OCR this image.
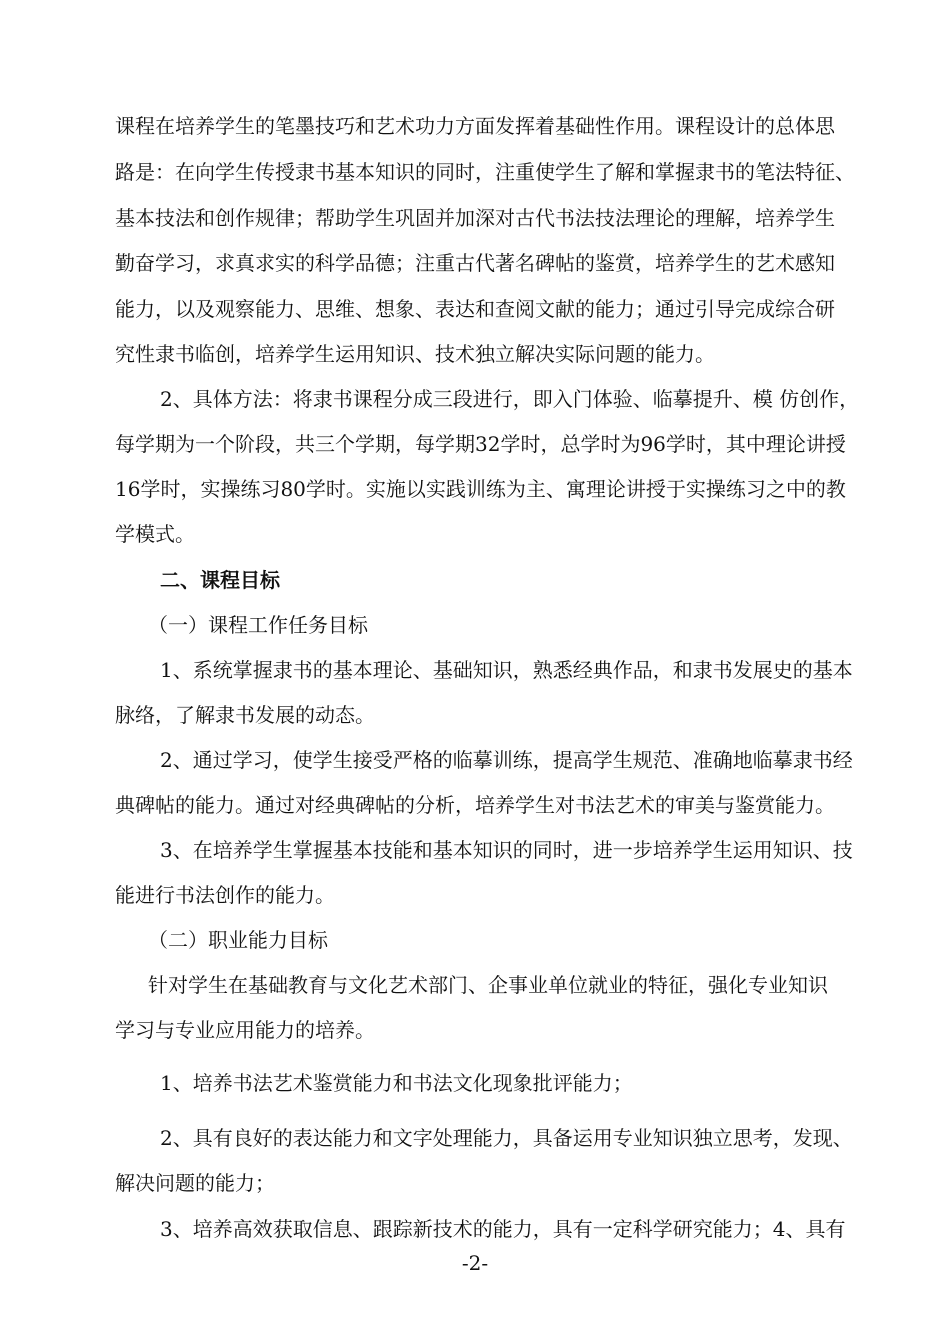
课程在培养学生的笔墨技巧和艺术功力方面发挥着基础性作用。课程设计的总体思
路是：在向学生传授隶书基本知识的同时，注重使学生了解和掌握隶书的笔法特征、
基本技法和创作规律；帮助学生巩固并加深对古代书法技法理论的理解，培养学生
勤奋学习，求真求实的科学品德；注重古代著名碑帖的鉴赏，培养学生的艺术感知
能力，以及观察能力、思维、想象、表达和查阅文献的能力；通过引导完成综合研
究性隶书临创，培养学生运用知识、技术独立解决实际问题的能力。
2、具体方法：将隶书课程分成三段进行，即入门体验、临摹提升、模 仿创作，
每学期为一个阶段，共三个学期，每学期32学时，总学时为96学时，其中理论讲授
16学时，实操练习80学时。实施以实践训练为主、寓理论讲授于实操练习之中的教
学模式。
二、课程目标
（一）课程工作任务目标
1、系统掌握隶书的基本理论、基础知识，熟悉经典作品，和隶书发展史的基本
脉络，了解隶书发展的动态。
2、通过学习，使学生接受严格的临摹训练，提高学生规范、准确地临摹隶书经
典碑帖的能力。通过对经典碑帖的分析，培养学生对书法艺术的审美与鉴赏能力。
3、在培养学生掌握基本技能和基本知识的同时，进一步培养学生运用知识、技
能进行书法创作的能力。
（二）职业能力目标
针对学生在基础教育与文化艺术部门、企事业单位就业的特征，强化专业知识
学习与专业应用能力的培养。
1、培养书法艺术鉴赏能力和书法文化现象批评能力；
2、具有良好的表达能力和文字处理能力，具备运用专业知识独立思考，发现、
解决问题的能力；
3、培养高效获取信息、跟踪新技术的能力，具有一定科学研究能力；4、具有
-2-
